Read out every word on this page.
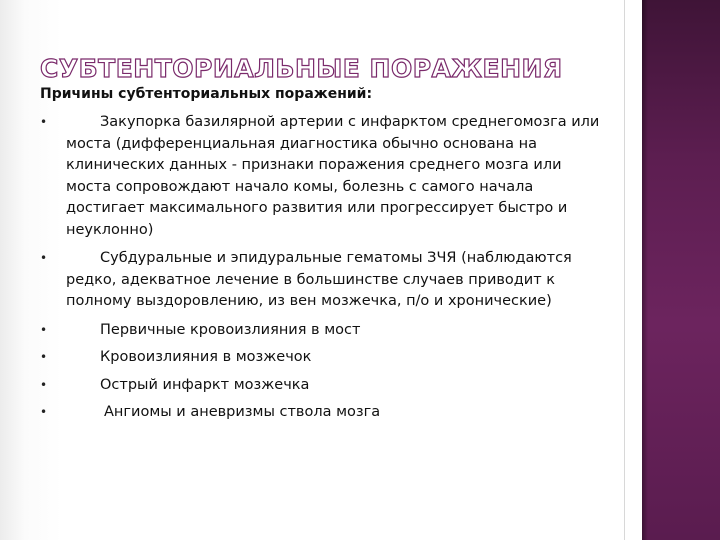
СУБТЕНТОРИАЛЬНЫЕ ПОРАЖЕНИЯ
Причины субтенториальных поражений:
•	Закупорка базилярной артерии с инфарктом среднегомозга или моста (дифференциальная диагностика обычно основана на клинических данных - признаки поражения среднего мозга или моста сопровождают начало комы, болезнь с самого начала достигает максимального развития или прогрессирует быстро и неуклонно)
•	Субдуральные и эпидуральные гематомы ЗЧЯ (наблюдаются редко, адекватное лечение в большинстве случаев приводит к полному выздоровлению, из вен мозжечка, п/о и хронические)
•	Первичные кровоизлияния в мост
•	Кровоизлияния в мозжечок
•	Острый инфаркт мозжечка
•	Ангиомы и аневризмы ствола мозга
